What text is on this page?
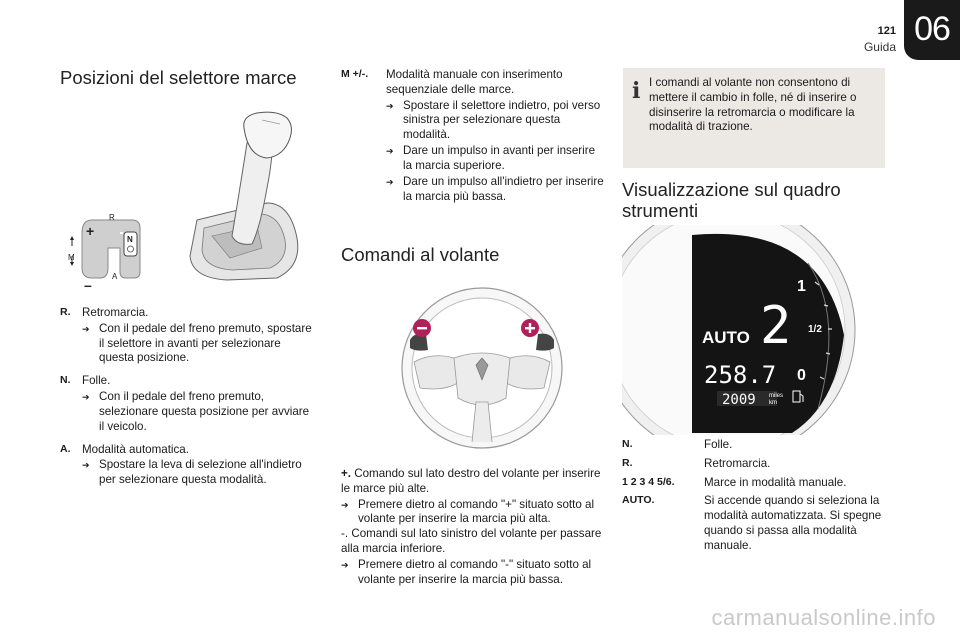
121
Guida 06
Posizioni del selettore marce
+
–
M
R
A
N
R. Retromarcia.
➔ Con il pedale del freno premuto, spostare il selettore in avanti per selezionare questa posizione.
N. Folle.
➔ Con il pedale del freno premuto, selezionare questa posizione per avviare il veicolo.
A. Modalità automatica.
➔ Spostare la leva di selezione all'indietro per selezionare questa modalità.
M +/-.	Modalità manuale con inserimento sequenziale delle marce.
➔ Spostare il selettore indietro, poi verso sinistra per selezionare questa modalità.
➔ Dare un impulso in avanti per inserire la marcia superiore.
➔ Dare un impulso all'indietro per inserire la marcia più bassa.
Comandi al volante

+. Comando sul lato destro del volante per inserire le marce più alte.

➔ Premere dietro al comando "+" situato sotto al volante per inserire la marcia più alta.

-. Comandi sul lato sinistro del volante per passare alla marcia inferiore.

➔ Premere dietro al comando "-" situato sotto al volante per inserire la marcia più bassa.
i I comandi al volante non consentono di mettere il cambio in folle, né di inserire o disinserire la retromarcia o modificare la modalità di trazione.
Visualizzazione sul quadro strumenti
1
1/2
0
AUTO 2
258.7
2009 miles
km
N.	Folle.
R.	Retromarcia.
1 2 3 4 5/6.	Marce in modalità manuale.
AUTO.	Si accende quando si seleziona la modalità automatizzata. Si spegne quando si passa alla modalità manuale.
carmanualsonline.info
